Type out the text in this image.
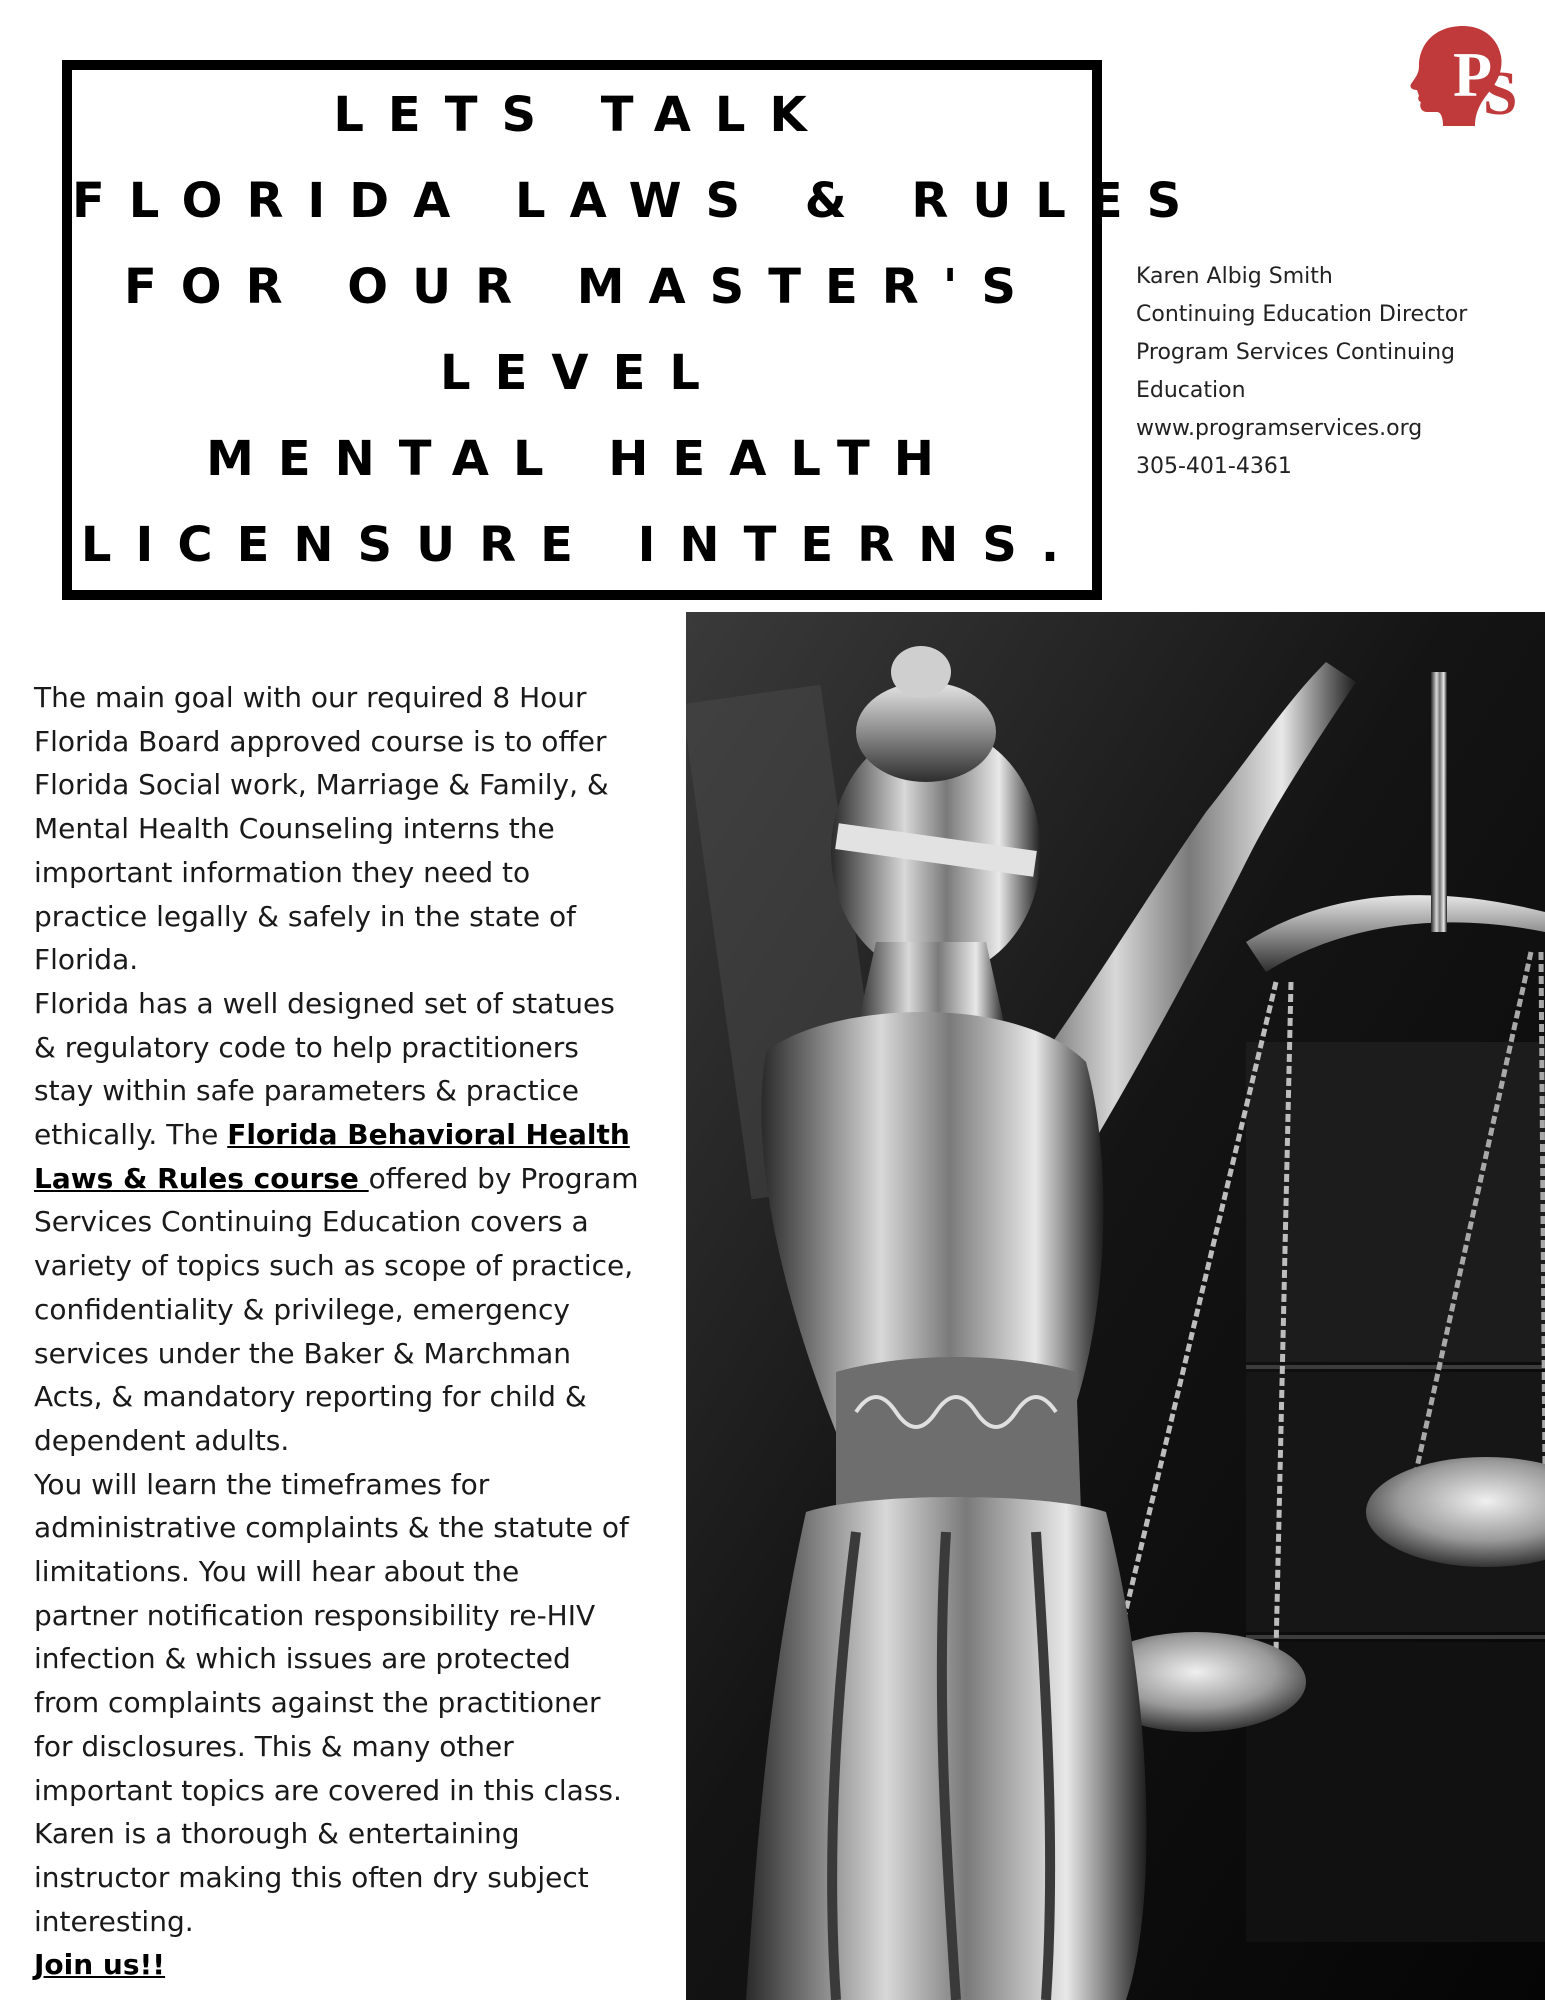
LETS TALK
FLORIDA LAWS & RULES
FOR OUR MASTER'S
LEVEL
MENTAL HEALTH
LICENSURE INTERNS.
P
S
Karen Albig Smith
Continuing Education Director
Program Services Continuing
Education
www.programservices.org
305-401-4361
The main goal with our required 8 Hour
Florida Board approved course is to offer
Florida Social work, Marriage & Family, &
Mental Health Counseling interns the
important information they need to
practice legally & safely in the state of
Florida.
Florida has a well designed set of statues
& regulatory code to help practitioners
stay within safe parameters & practice
ethically. The Florida Behavioral Health
Laws & Rules course offered by Program
Services Continuing Education covers a
variety of topics such as scope of practice,
confidentiality & privilege, emergency
services under the Baker & Marchman
Acts, & mandatory reporting for child &
dependent adults.
You will learn the timeframes for
administrative complaints & the statute of
limitations. You will hear about the
partner notification responsibility re-HIV
infection & which issues are protected
from complaints against the practitioner
for disclosures. This & many other
important topics are covered in this class.
Karen is a thorough & entertaining
instructor making this often dry subject
interesting.
Join us!!
